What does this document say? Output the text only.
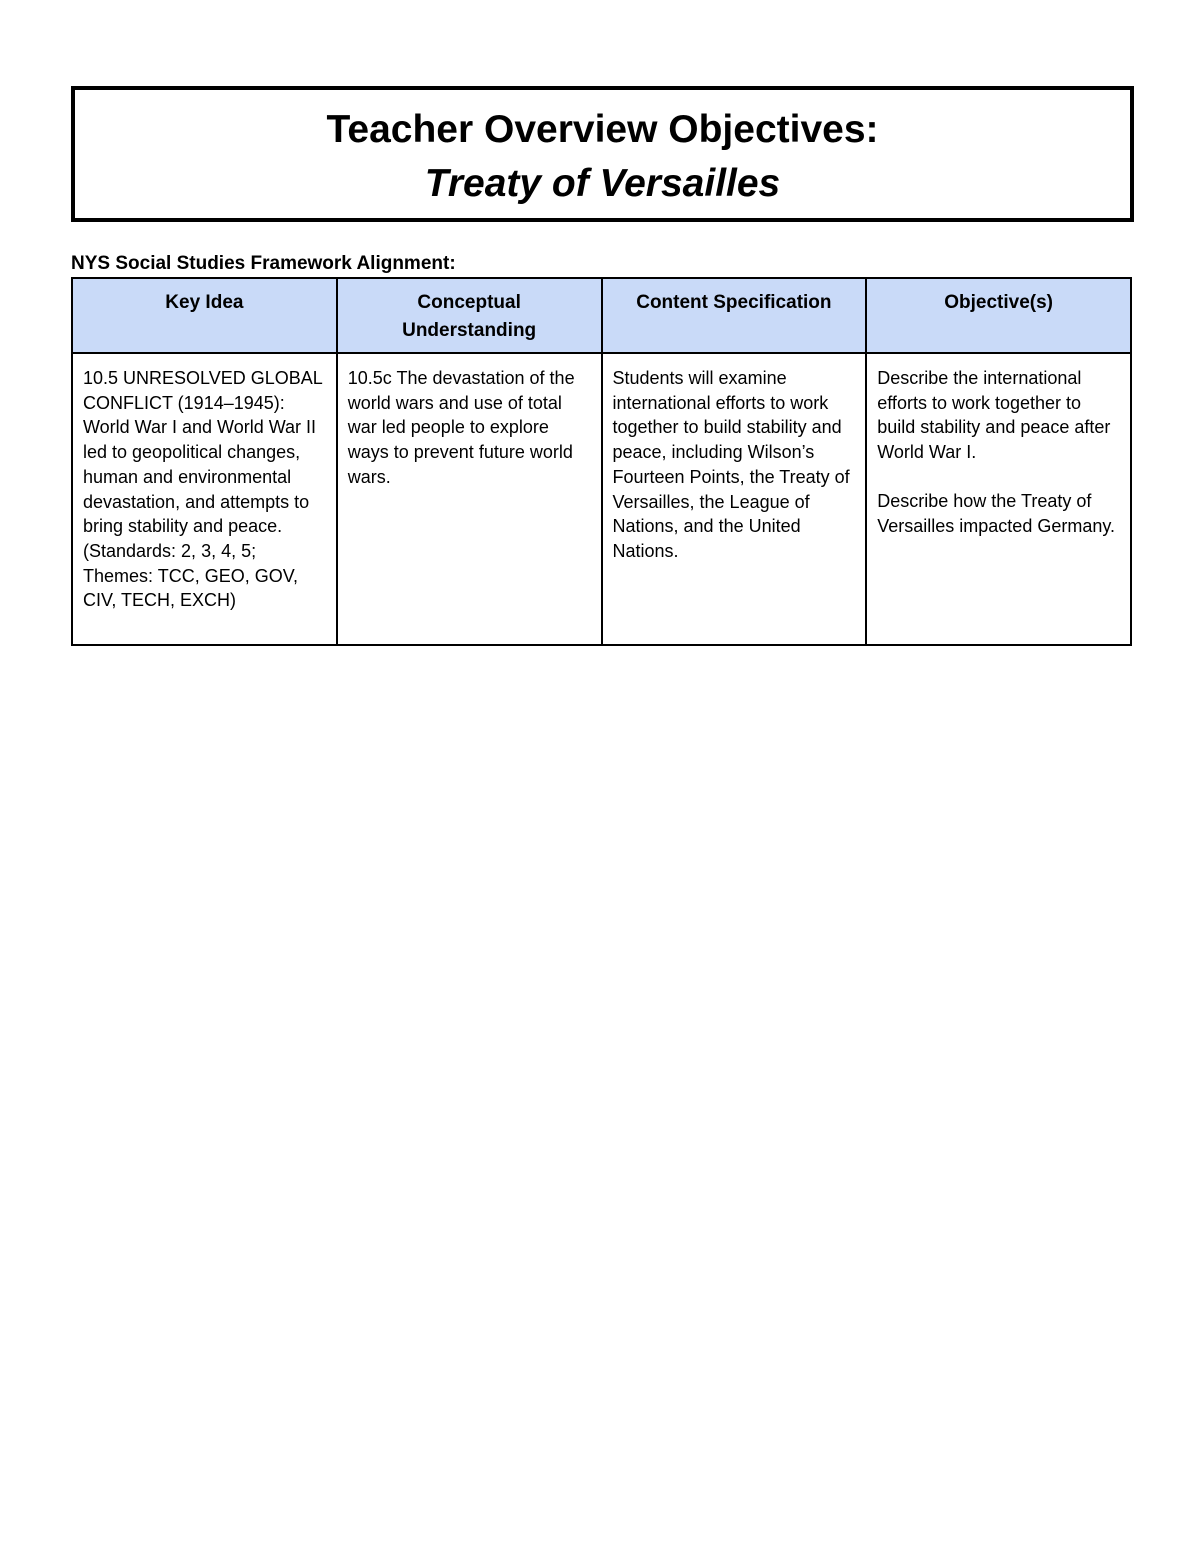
Teacher Overview Objectives:
Treaty of Versailles
NYS Social Studies Framework Alignment:
Key Idea	Conceptual Understanding	Content Specification	Objective(s)

10.5 UNRESOLVED GLOBAL CONFLICT (1914–1945): World War I and World War II led to geopolitical changes, human and environmental devastation, and attempts to bring stability and peace. (Standards: 2, 3, 4, 5; Themes: TCC, GEO, GOV, CIV, TECH, EXCH)	10.5c The devastation of the world wars and use of total war led people to explore ways to prevent future world wars.	Students will examine international efforts to work together to build stability and peace, including Wilson’s Fourteen Points, the Treaty of Versailles, the League of Nations, and the United Nations.	Describe the international efforts to work together to build stability and peace after World War I.
Describe how the Treaty of Versailles impacted Germany.
